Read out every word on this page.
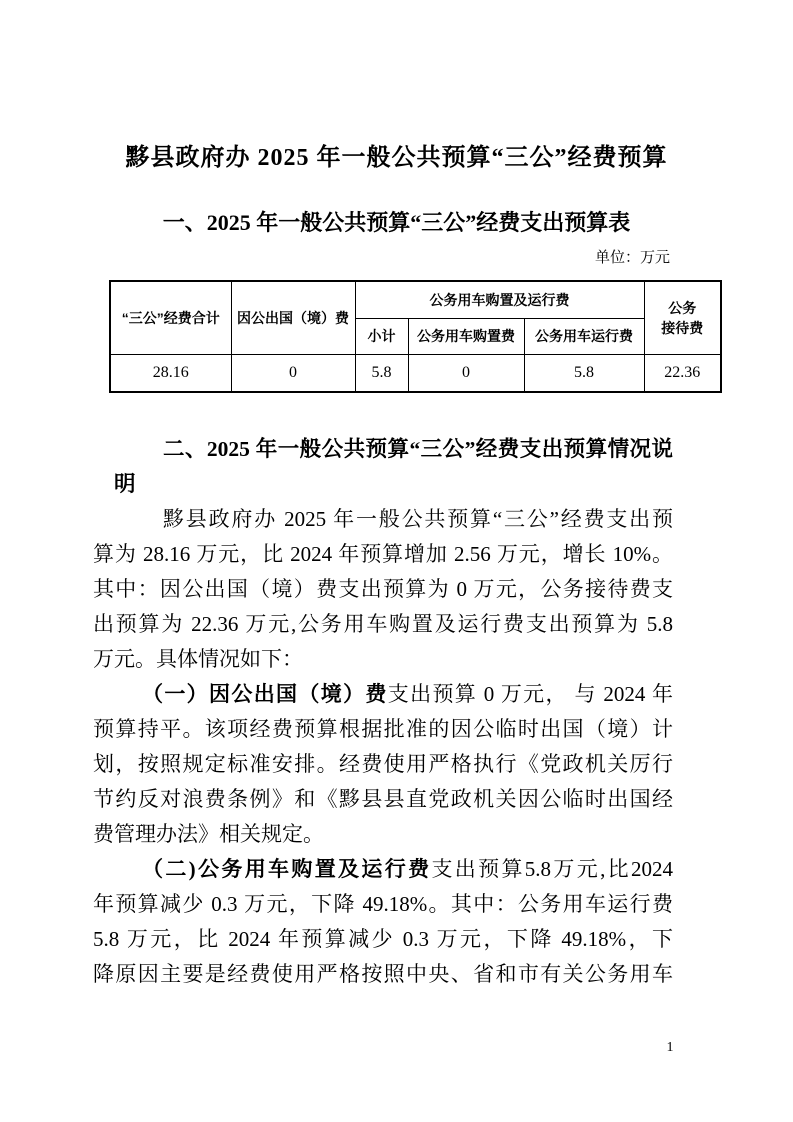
黟县政府办 2025 年一般公共预算“三公”经费预算
一、2025 年一般公共预算“三公”经费支出预算表
单位：万元
“三公”经费合计	因公出国（境）费	公务用车购置及运行费			公务
接待费

		小计	公务用车购置费	公务用车运行费	
28.16	0	5.8	0	5.8	22.36
二、2025 年一般公共预算“三公”经费支出预算情况说
明
黟县政府办 2025 年一般公共预算“三公”经费支出预
算为 28.16 万元，比 2024 年预算增加 2.56 万元，增长 10%。
其中：因公出国（境）费支出预算为 0 万元，公务接待费支
出预算为 22.36 万元,公务用车购置及运行费支出预算为 5.8
万元。具体情况如下：
（一）因公出国（境）费支出预算 0 万元， 与 2024 年
预算持平。该项经费预算根据批准的因公临时出国（境）计
划，按照规定标准安排。经费使用严格执行《党政机关厉行
节约反对浪费条例》和《黟县县直党政机关因公临时出国经
费管理办法》相关规定。
（二)公务用车购置及运行费支出预算5.8万元,比2024
年预算减少 0.3 万元，下降 49.18%。其中：公务用车运行费
5.8 万元，比 2024 年预算减少 0.3 万元，下降 49.18%，下
降原因主要是经费使用严格按照中央、省和市有关公务用车
1
